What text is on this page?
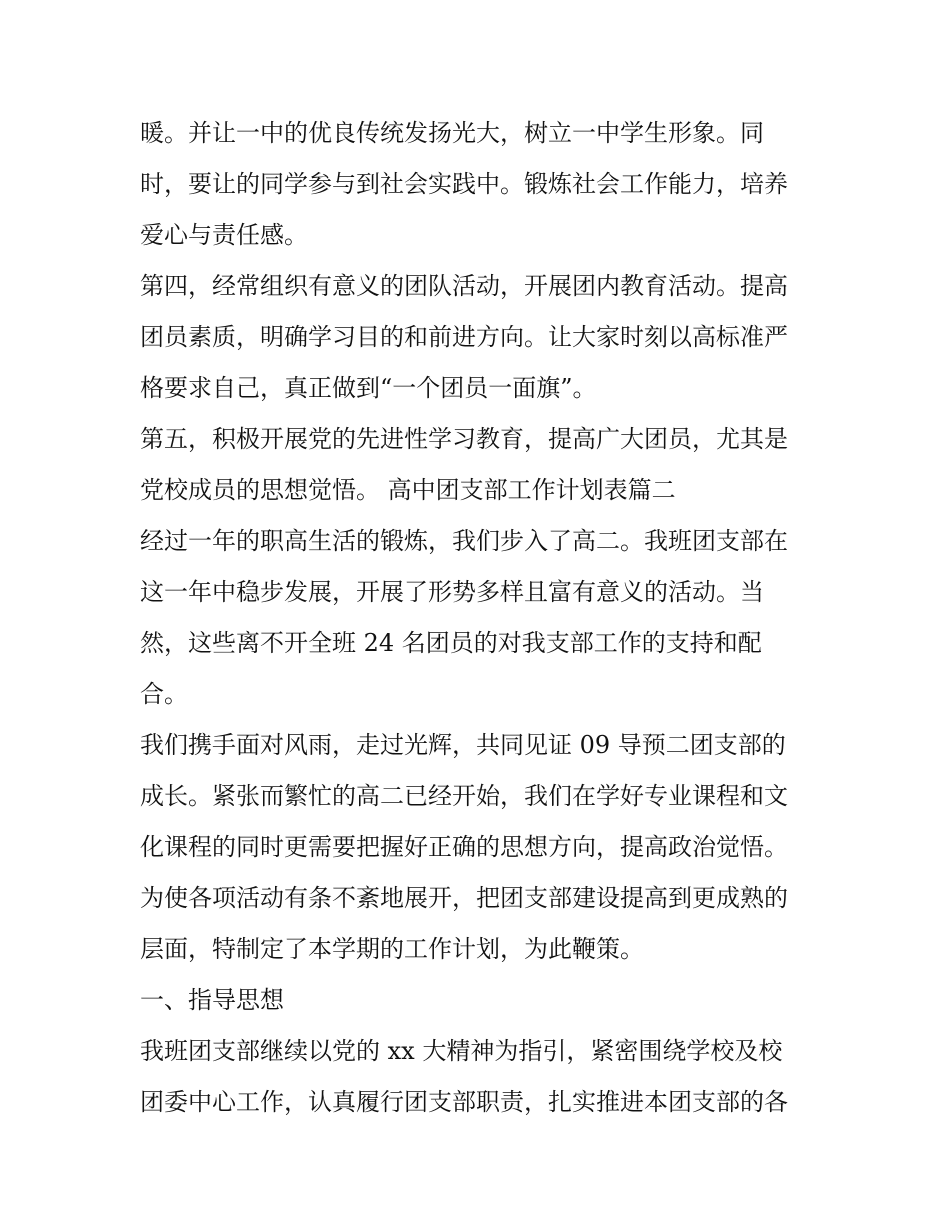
暖。并让一中的优良传统发扬光大，树立一中学生形象。同
时，要让的同学参与到社会实践中。锻炼社会工作能力，培养
爱心与责任感。

第四，经常组织有意义的团队活动，开展团内教育活动。提高
团员素质，明确学习目的和前进方向。让大家时刻以高标准严
格要求自己，真正做到“一个团员一面旗”。

第五，积极开展党的先进性学习教育，提高广大团员，尤其是
党校成员的思想觉悟。 高中团支部工作计划表篇二

经过一年的职高生活的锻炼，我们步入了高二。我班团支部在
这一年中稳步发展，开展了形势多样且富有意义的活动。当
然，这些离不开全班 24 名团员的对我支部工作的支持和配
合。

我们携手面对风雨，走过光辉，共同见证 09 导预二团支部的
成长。紧张而繁忙的高二已经开始，我们在学好专业课程和文
化课程的同时更需要把握好正确的思想方向，提高政治觉悟。
为使各项活动有条不紊地展开，把团支部建设提高到更成熟的
层面，特制定了本学期的工作计划，为此鞭策。

一、指导思想

我班团支部继续以党的 xx 大精神为指引，紧密围绕学校及校
团委中心工作，认真履行团支部职责，扎实推进本团支部的各
